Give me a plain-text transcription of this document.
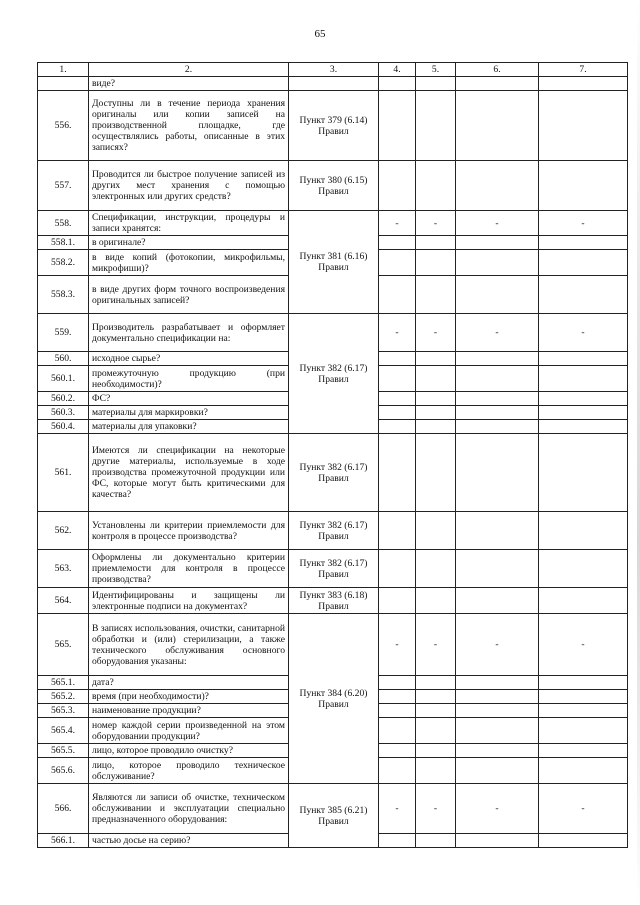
65
1.	2.	3.	4.	5.	6.	7.
	виде?					
556.	Доступны ли в течение периода хранения оригиналы или копии записей на производственной площадке, где осуществлялись работы, описанные в этих записях?	Пункт 379 (6.14) Правил				
557.	Проводится ли быстрое получение записей из других мест хранения с помощью электронных или других средств?	Пункт 380 (6.15) Правил				
558.	Спецификации, инструкции, процедуры и записи хранятся:	Пункт 381 (6.16) Правил	-	-	-	-
558.1.	в оригинале?					
558.2.	в виде копий (фотокопии, микрофильмы, микрофиши)?					
558.3.	в виде других форм точного воспроизведения оригинальных записей?					
559.	Производитель разрабатывает и оформляет документально спецификации на:	Пункт 382 (6.17) Правил	-	-	-	-
560.	исходное сырье?					
560.1.	промежуточную продукцию (при необходимости)?					
560.2.	ФС?					
560.3.	материалы для маркировки?					
560.4.	материалы для упаковки?					
561.	Имеются ли спецификации на некоторые другие материалы, используемые в ходе производства промежуточной продукции или ФС, которые могут быть критическими для качества?	Пункт 382 (6.17) Правил				
562.	Установлены ли критерии приемлемости для контроля в процессе производства?	Пункт 382 (6.17) Правил				
563.	Оформлены ли документально критерии приемлемости для контроля в процессе производства?	Пункт 382 (6.17) Правил				
564.	Идентифицированы и защищены ли электронные подписи на документах?	Пункт 383 (6.18) Правил				
565.	В записях использования, очистки, санитарной обработки и (или) стерилизации, а также технического обслуживания основного оборудования указаны:	Пункт 384 (6.20) Правил	-	-	-	-
565.1.	дата?					
565.2.	время (при необходимости)?					
565.3.	наименование продукции?					
565.4.	номер каждой серии произведенной на этом оборудовании продукции?					
565.5.	лицо, которое проводило очистку?					
565.6.	лицо, которое проводило техническое обслуживание?					
566.	Являются ли записи об очистке, техническом обслуживании и эксплуатации специально предназначенного оборудования:	Пункт 385 (6.21) Правил	-	-	-	-
566.1.	частью досье на серию?					
